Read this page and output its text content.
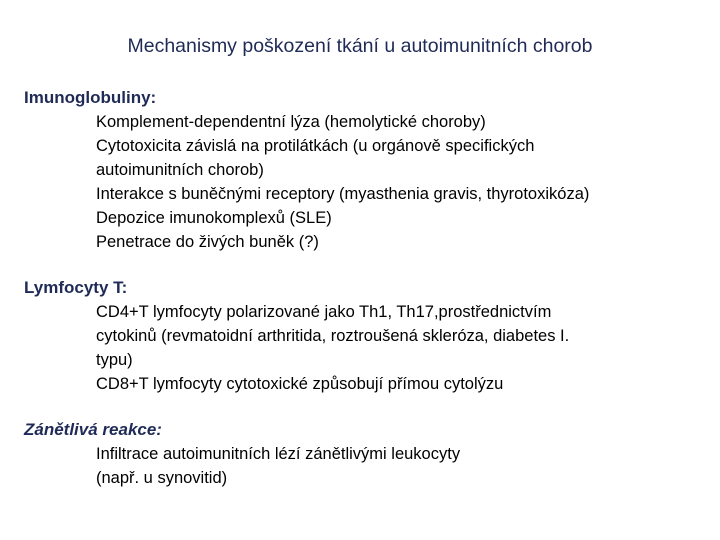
Mechanismy poškození tkání u autoimunitních chorob
Imunoglobuliny:
Komplement-dependentní lýza (hemolytické choroby)
Cytotoxicita závislá na protilátkách (u orgánově specifických
autoimunitních chorob)
Interakce s buněčnými receptory (myasthenia gravis, thyrotoxikóza)
Depozice imunokomplexů (SLE)
Penetrace do živých buněk (?)
Lymfocyty T:
CD4+T lymfocyty polarizované jako Th1, Th17,prostřednictvím
cytokinů (revmatoidní arthritida, roztroušená skleróza, diabetes I.
typu)
CD8+T lymfocyty cytotoxické způsobují přímou cytolýzu
Zánětlivá reakce:
Infiltrace autoimunitních lézí zánětlivými leukocyty
(např. u synovitid)
